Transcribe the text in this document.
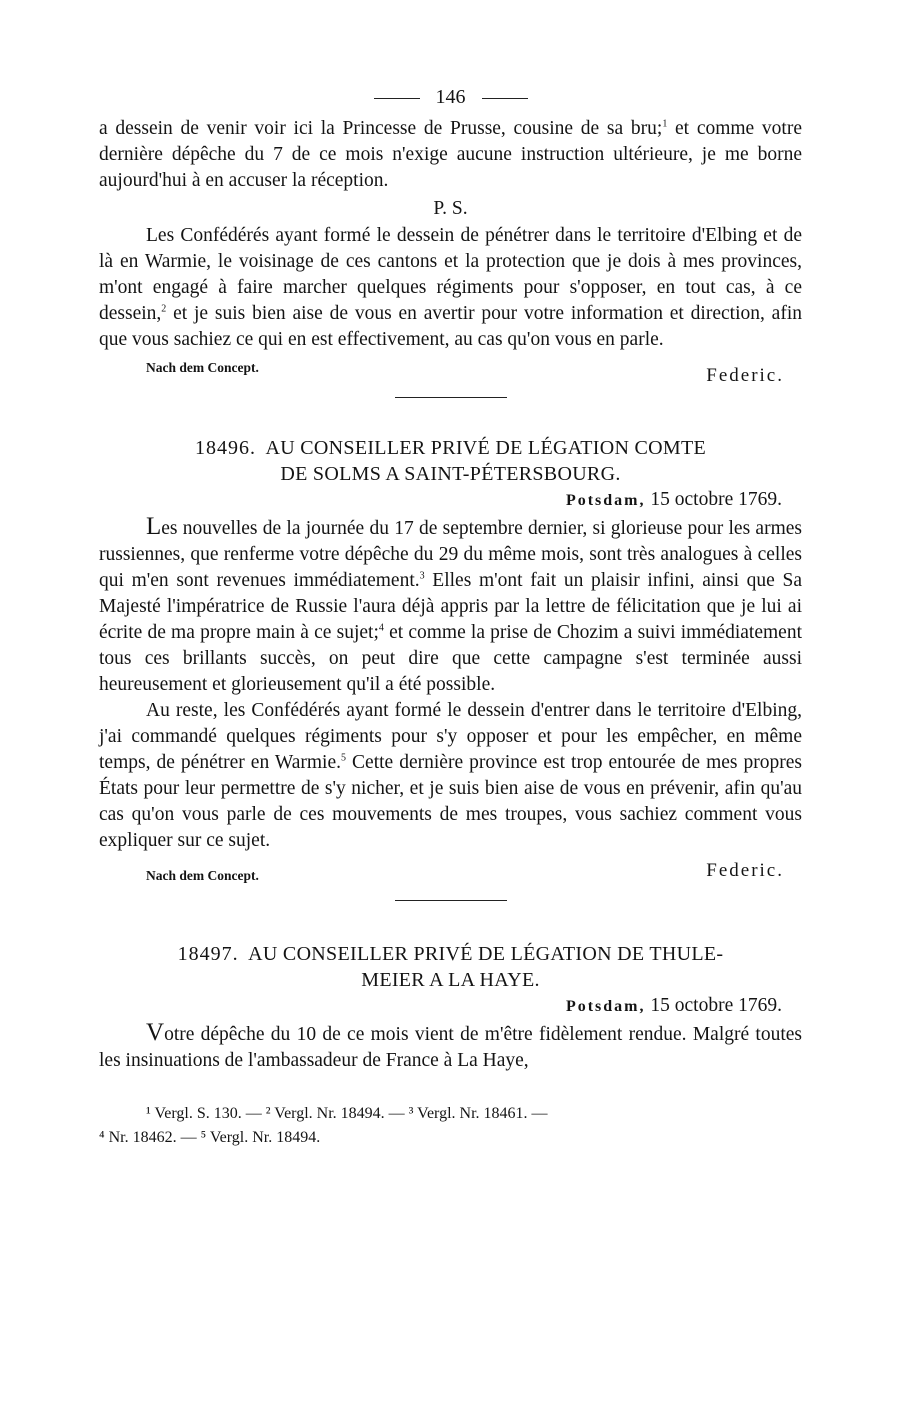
146

a dessein de venir voir ici la Princesse de Prusse, cousine de sa bru;$^1$ et comme votre dernière dépêche du 7 de ce mois n'exige aucune instruction ultérieure, je me borne aujourd'hui à en accuser la réception.

P. S.

Les Confédérés ayant formé le dessein de pénétrer dans le territoire d'Elbing et de là en Warmie, le voisinage de ces cantons et la protection que je dois à mes provinces, m'ont engagé à faire marcher quelques régiments pour s'opposer, en tout cas, à ce dessein,$^2$ et je suis bien aise de vous en avertir pour votre information et direction, afin que vous sachiez ce qui en est effectivement, au cas qu'on vous en parle.
Federic.

Nach dem Concept.
18496. AU CONSEILLER PRIVÉ DE LÉGATION COMTE
DE SOLMS A SAINT-PÉTERSBOURG.
Potsdam, 15 octobre 1769.

Les nouvelles de la journée du 17 de septembre dernier, si glorieuse pour les armes russiennes, que renferme votre dépêche du 29 du même mois, sont très analogues à celles qui m'en sont revenues immédiatement.$^3$ Elles m'ont fait un plaisir infini, ainsi que Sa Majesté l'impératrice de Russie l'aura déjà appris par la lettre de félicitation que je lui ai écrite de ma propre main à ce sujet;$^4$ et comme la prise de Chozim a suivi immédiatement tous ces brillants succès, on peut dire que cette campagne s'est terminée aussi heureusement et glorieusement qu'il a été possible.

Au reste, les Confédérés ayant formé le dessein d'entrer dans le territoire d'Elbing, j'ai commandé quelques régiments pour s'y opposer et pour les empêcher, en même temps, de pénétrer en Warmie.$^5$ Cette dernière province est trop entourée de mes propres États pour leur permettre de s'y nicher, et je suis bien aise de vous en prévenir, afin qu'au cas qu'on vous parle de ces mouvements de mes troupes, vous sachiez comment vous expliquer sur ce sujet.

Nach dem Concept.	Federic.
18497. AU CONSEILLER PRIVÉ DE LÉGATION DE THULE-
MEIER A LA HAYE.
Potsdam, 15 octobre 1769.

Votre dépêche du 10 de ce mois vient de m'être fidèlement rendue. Malgré toutes les insinuations de l'ambassadeur de France à La Haye,

¹ Vergl. S. 130. — ² Vergl. Nr. 18494. — ³ Vergl. Nr. 18461. —
⁴ Nr. 18462. — ⁵ Vergl. Nr. 18494.
